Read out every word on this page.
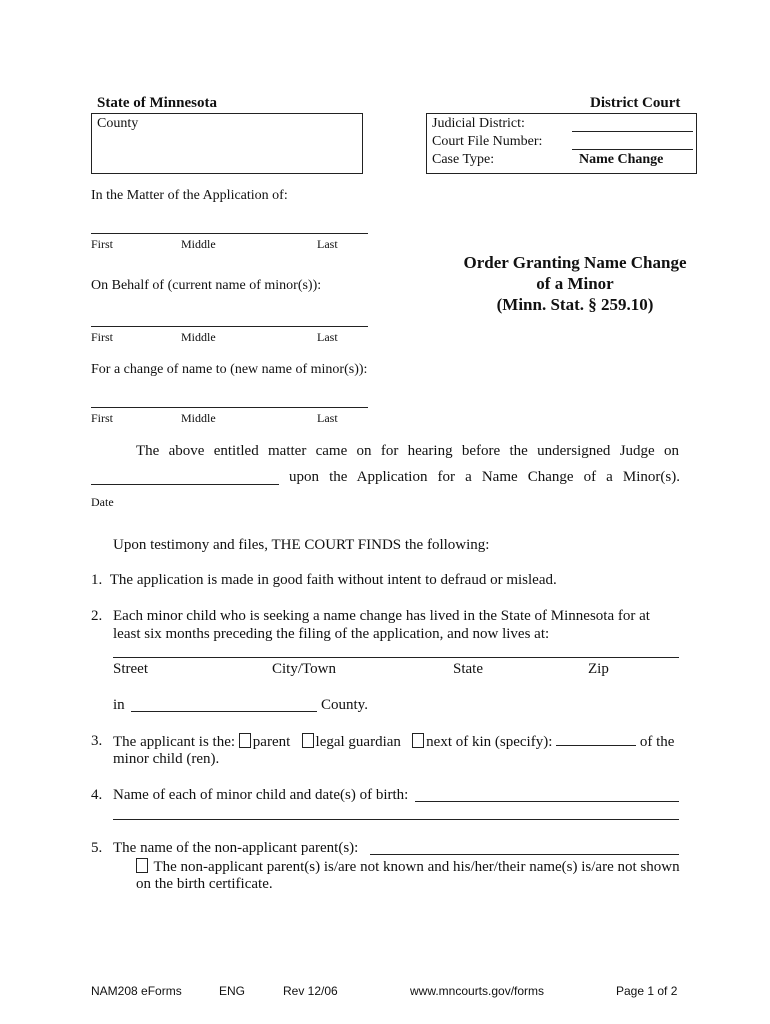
State of Minnesota	District Court
County	Judicial District:
Court File Number:
Case Type:	Name Change
In the Matter of the Application of:
First	Middle	Last
On Behalf of (current name of minor(s)):
First	Middle	Last
For a change of name to (new name of minor(s)):
First	Middle	Last
Order Granting Name Change
of a Minor
(Minn. Stat. § 259.10)
The above entitled matter came on for hearing before the undersigned Judge on
upon the Application for a Name Change of a Minor(s).
Date
Upon testimony and files, THE COURT FINDS the following:
1.  The application is made in good faith without intent to defraud or mislead.
2. Each minor child who is seeking a name change has lived in the State of Minnesota for at
least six months preceding the filing of the application, and now lives at:
Street	City/Town	State	Zip
in	County.
3. The applicant is the: parent legal guardian next of kin (specify):	of the
minor child (ren).
4. Name of each of minor child and date(s) of birth:
5. The name of the non-applicant parent(s):
The non-applicant parent(s) is/are not known and his/her/their name(s) is/are not shown
on the birth certificate.
NAM208 eForms	ENG	Rev 12/06	www.mncourts.gov/forms	Page 1 of 2
